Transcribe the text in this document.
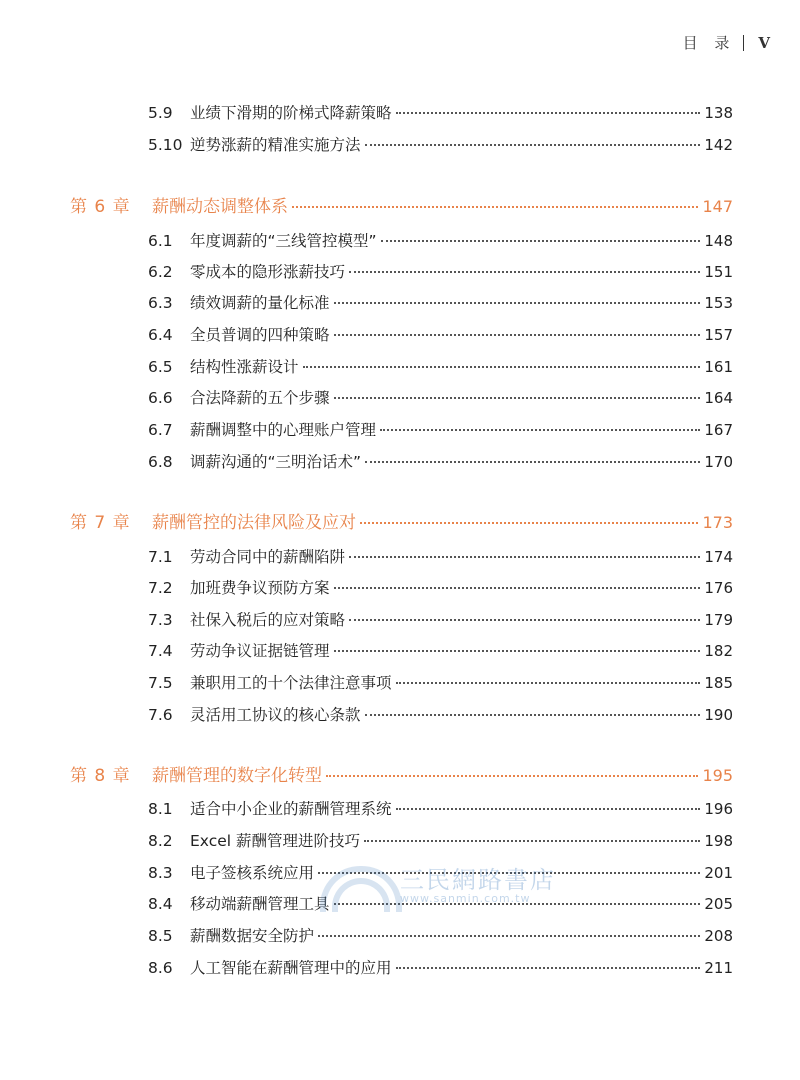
目 录 V
5.9	业绩下滑期的阶梯式降薪策略	138
5.10 逆势涨薪的精准实施方法	142
第 6 章	薪酬动态调整体系	147
6.1	年度调薪的“三线管控模型”	148
6.2	零成本的隐形涨薪技巧	151
6.3	绩效调薪的量化标准	153
6.4	全员普调的四种策略	157
6.5	结构性涨薪设计	161
6.6	合法降薪的五个步骤	164
6.7	薪酬调整中的心理账户管理	167
6.8	调薪沟通的“三明治话术”	170
第 7 章	薪酬管控的法律风险及应对	173
7.1	劳动合同中的薪酬陷阱	174
7.2	加班费争议预防方案	176
7.3	社保入税后的应对策略	179
7.4	劳动争议证据链管理	182
7.5	兼职用工的十个法律注意事项	185
7.6	灵活用工协议的核心条款	190
第 8 章	薪酬管理的数字化转型	195
8.1	适合中小企业的薪酬管理系统	196
8.2	Excel 薪酬管理进阶技巧	198
8.3	电子签核系统应用	201
8.4	移动端薪酬管理工具	205
8.5	薪酬数据安全防护	208
8.6	人工智能在薪酬管理中的应用	211
三民網路書店
www.sanmin.com.tw
